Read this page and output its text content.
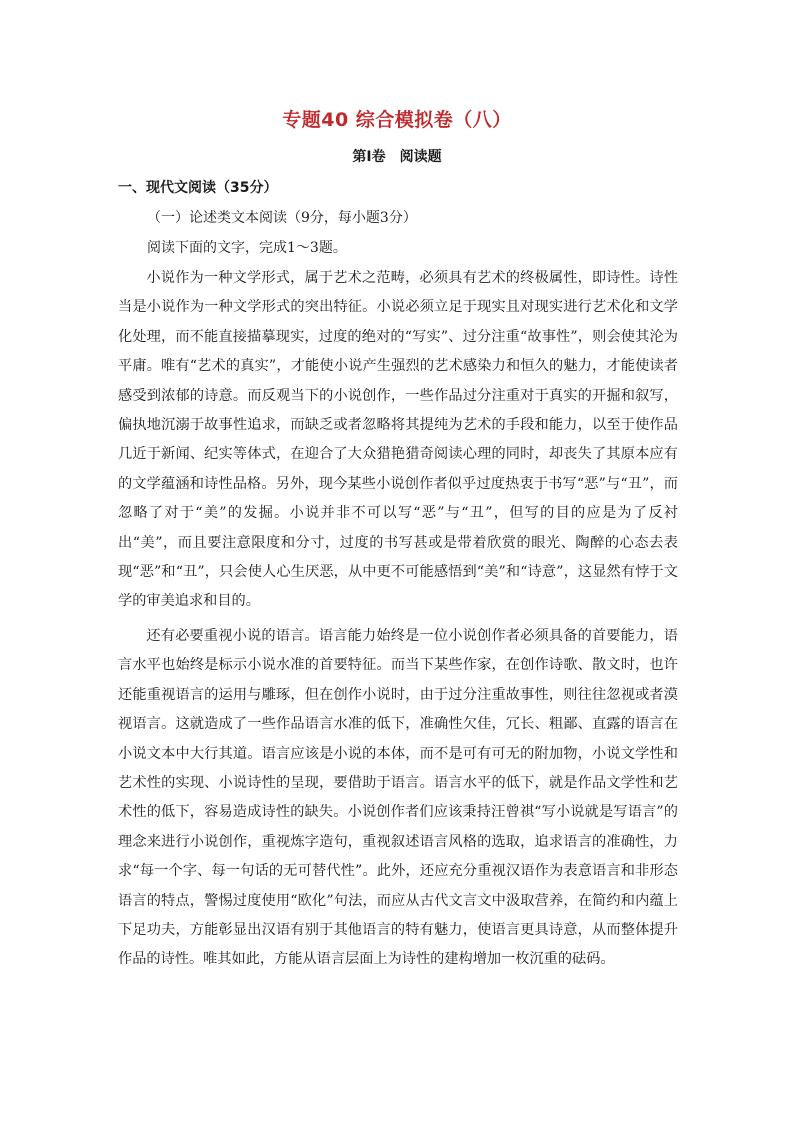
专题40 综合模拟卷（八）
第Ⅰ卷　阅读题
一、现代文阅读（35分）
（一）论述类文本阅读（9分，每小题3分）
阅读下面的文字，完成1～3题。

小说作为一种文学形式，属于艺术之范畴，必须具有艺术的终极属性，即诗性。诗性当是小说作为一种文学形式的突出特征。小说必须立足于现实且对现实进行艺术化和文学化处理，而不能直接描摹现实，过度的绝对的“写实”、过分注重“故事性”，则会使其沦为平庸。唯有“艺术的真实”，才能使小说产生强烈的艺术感染力和恒久的魅力，才能使读者感受到浓郁的诗意。而反观当下的小说创作，一些作品过分注重对于真实的开掘和叙写，偏执地沉溺于故事性追求，而缺乏或者忽略将其提纯为艺术的手段和能力，以至于使作品几近于新闻、纪实等体式，在迎合了大众猎艳猎奇阅读心理的同时，却丧失了其原本应有的文学蕴涵和诗性品格。另外，现今某些小说创作者似乎过度热衷于书写“恶”与“丑”，而忽略了对于“美”的发掘。小说并非不可以写“恶”与“丑”，但写的目的应是为了反衬出“美”，而且要注意限度和分寸，过度的书写甚或是带着欣赏的眼光、陶醉的心态去表现“恶”和“丑”，只会使人心生厌恶，从中更不可能感悟到“美”和“诗意”，这显然有悖于文学的审美追求和目的。

还有必要重视小说的语言。语言能力始终是一位小说创作者必须具备的首要能力，语言水平也始终是标示小说水准的首要特征。而当下某些作家，在创作诗歌、散文时，也许还能重视语言的运用与雕琢，但在创作小说时，由于过分注重故事性，则往往忽视或者漠视语言。这就造成了一些作品语言水准的低下，准确性欠佳，冗长、粗鄙、直露的语言在小说文本中大行其道。语言应该是小说的本体，而不是可有可无的附加物，小说文学性和艺术性的实现、小说诗性的呈现，要借助于语言。语言水平的低下，就是作品文学性和艺术性的低下，容易造成诗性的缺失。小说创作者们应该秉持汪曾祺“写小说就是写语言”的理念来进行小说创作，重视炼字造句，重视叙述语言风格的选取，追求语言的准确性，力求“每一个字、每一句话的无可替代性”。此外，还应充分重视汉语作为表意语言和非形态语言的特点，警惕过度使用“欧化”句法，而应从古代文言文中汲取营养，在简约和内蕴上下足功夫，方能彰显出汉语有别于其他语言的特有魅力，使语言更具诗意，从而整体提升作品的诗性。唯其如此，方能从语言层面上为诗性的建构增加一枚沉重的砝码。
